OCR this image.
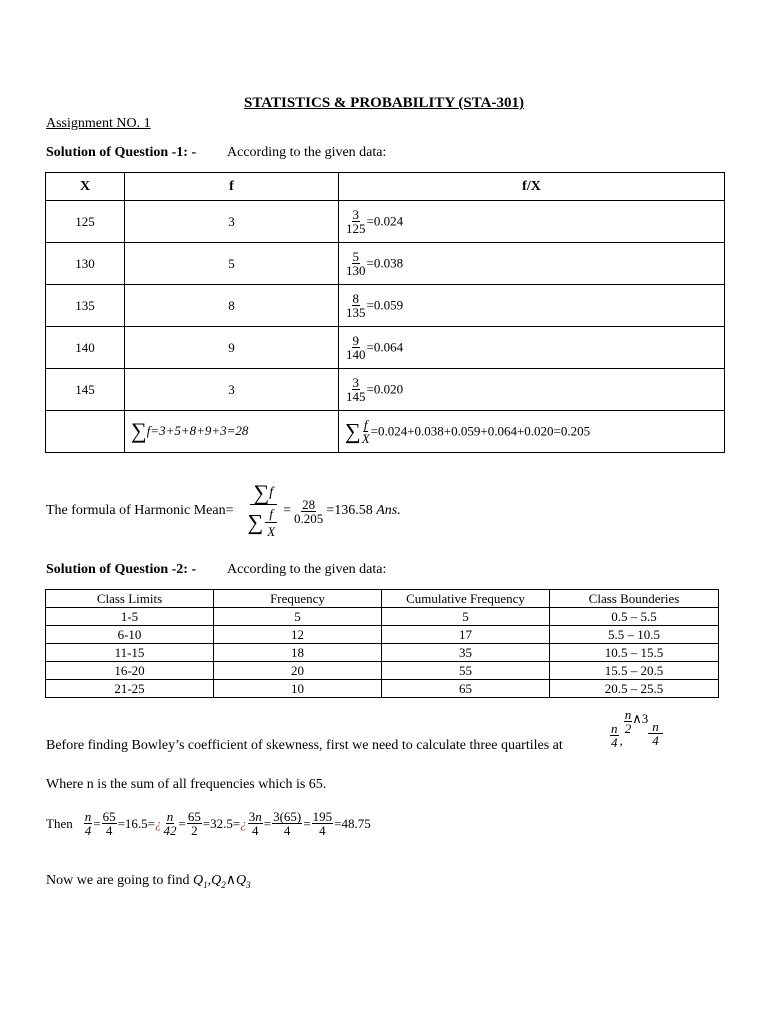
STATISTICS & PROBABILITY (STA-301)
Assignment NO. 1
Solution of Question -1: - According to the given data:
X	f	f/X
125	3	$\frac{3}{125} =0.024$
130	5	$\frac{5}{130} =0.038$
135	8	$\frac{8}{135} =0.059$
140	9	$\frac{9}{140} =0.064$
145	3	$\frac{3}{145} =0.020$
	∑f=3+5+8+9+3=28	∑ $\frac{f}{X} =0.024+0.038+0.059+0.064+0.020=0.205$
The formula of Harmonic Mean= $\frac{\sum f}{\sum \frac{f}{X}} = \frac{28}{0.205} =136.58$
Ans.
Solution of Question -2: - According to the given data:
Class Limits	Frequency	Cumulative Frequency	Class Bounderies
1-5	5	5	0.5 – 5.5
6-10	12	17	5.5 – 10.5
11-15	18	35	10.5 – 15.5
16-20	20	55	15.5 – 20.5
21-25	10	65	20.5 – 25.5
Before finding Bowley’s coefficient of skewness, first we need to calculate three quartiles at	$\frac{n}{4}$ ,
$\frac{n}{2}$ ∧3
$\frac{n}{4}$
Where n is the sum of all frequencies which is 65.
Then $\frac{n}{4} = \frac{65}{4} =16.5=$ ¿ $\frac{n}{42} = \frac{65}{2} =32.5=$ ¿ $\frac{3n}{4} = \frac{3(65)}{4} = \frac{195}{4} =48.75$
Now we are going to find $Q_1,Q_2\wedge Q_3$
